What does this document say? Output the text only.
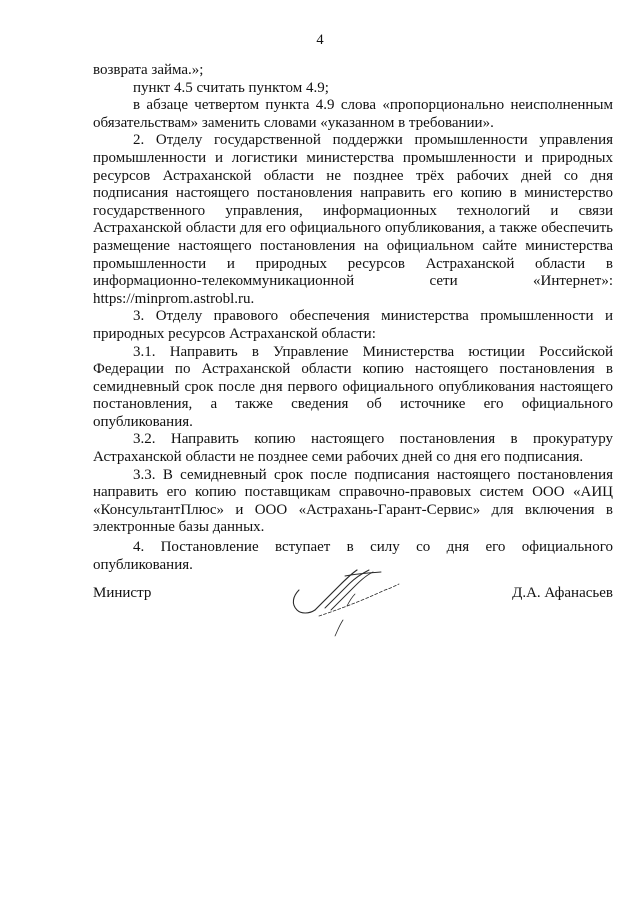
4

возврата займа.»;

пункт 4.5 считать пунктом 4.9;

в абзаце четвертом пункта 4.9 слова «пропорционально неисполненным обязательствам» заменить словами «указанном в требовании».

2. Отделу государственной поддержки промышленности управления промышленности и логистики министерства промышленности и природных ресурсов Астраханской области не позднее трёх рабочих дней со дня подписания настоящего постановления направить его копию в министерство государственного управления, информационных технологий и связи Астраханской области для его официального опубликования, а также обеспечить размещение настоящего постановления на официальном сайте министерства промышленности и природных ресурсов Астраханской области в информационно-телекоммуникационной сети «Интернет»: https://minprom.astrobl.ru.

3. Отделу правового обеспечения министерства промышленности и природных ресурсов Астраханской области:

3.1. Направить в Управление Министерства юстиции Российской Федерации по Астраханской области копию настоящего постановления в семидневный срок после дня первого официального опубликования настоящего постановления, а также сведения об источнике его официального опубликования.

3.2. Направить копию настоящего постановления в прокуратуру Астраханской области не позднее семи рабочих дней со дня его подписания.

3.3. В семидневный срок после подписания настоящего постановления направить его копию поставщикам справочно-правовых систем ООО «АИЦ «КонсультантПлюс» и ООО «Астрахань-Гарант-Сервис» для включения в электронные базы данных.

4. Постановление вступает в силу со дня его официального опубликования.

Министр	Д.А. Афанасьев
